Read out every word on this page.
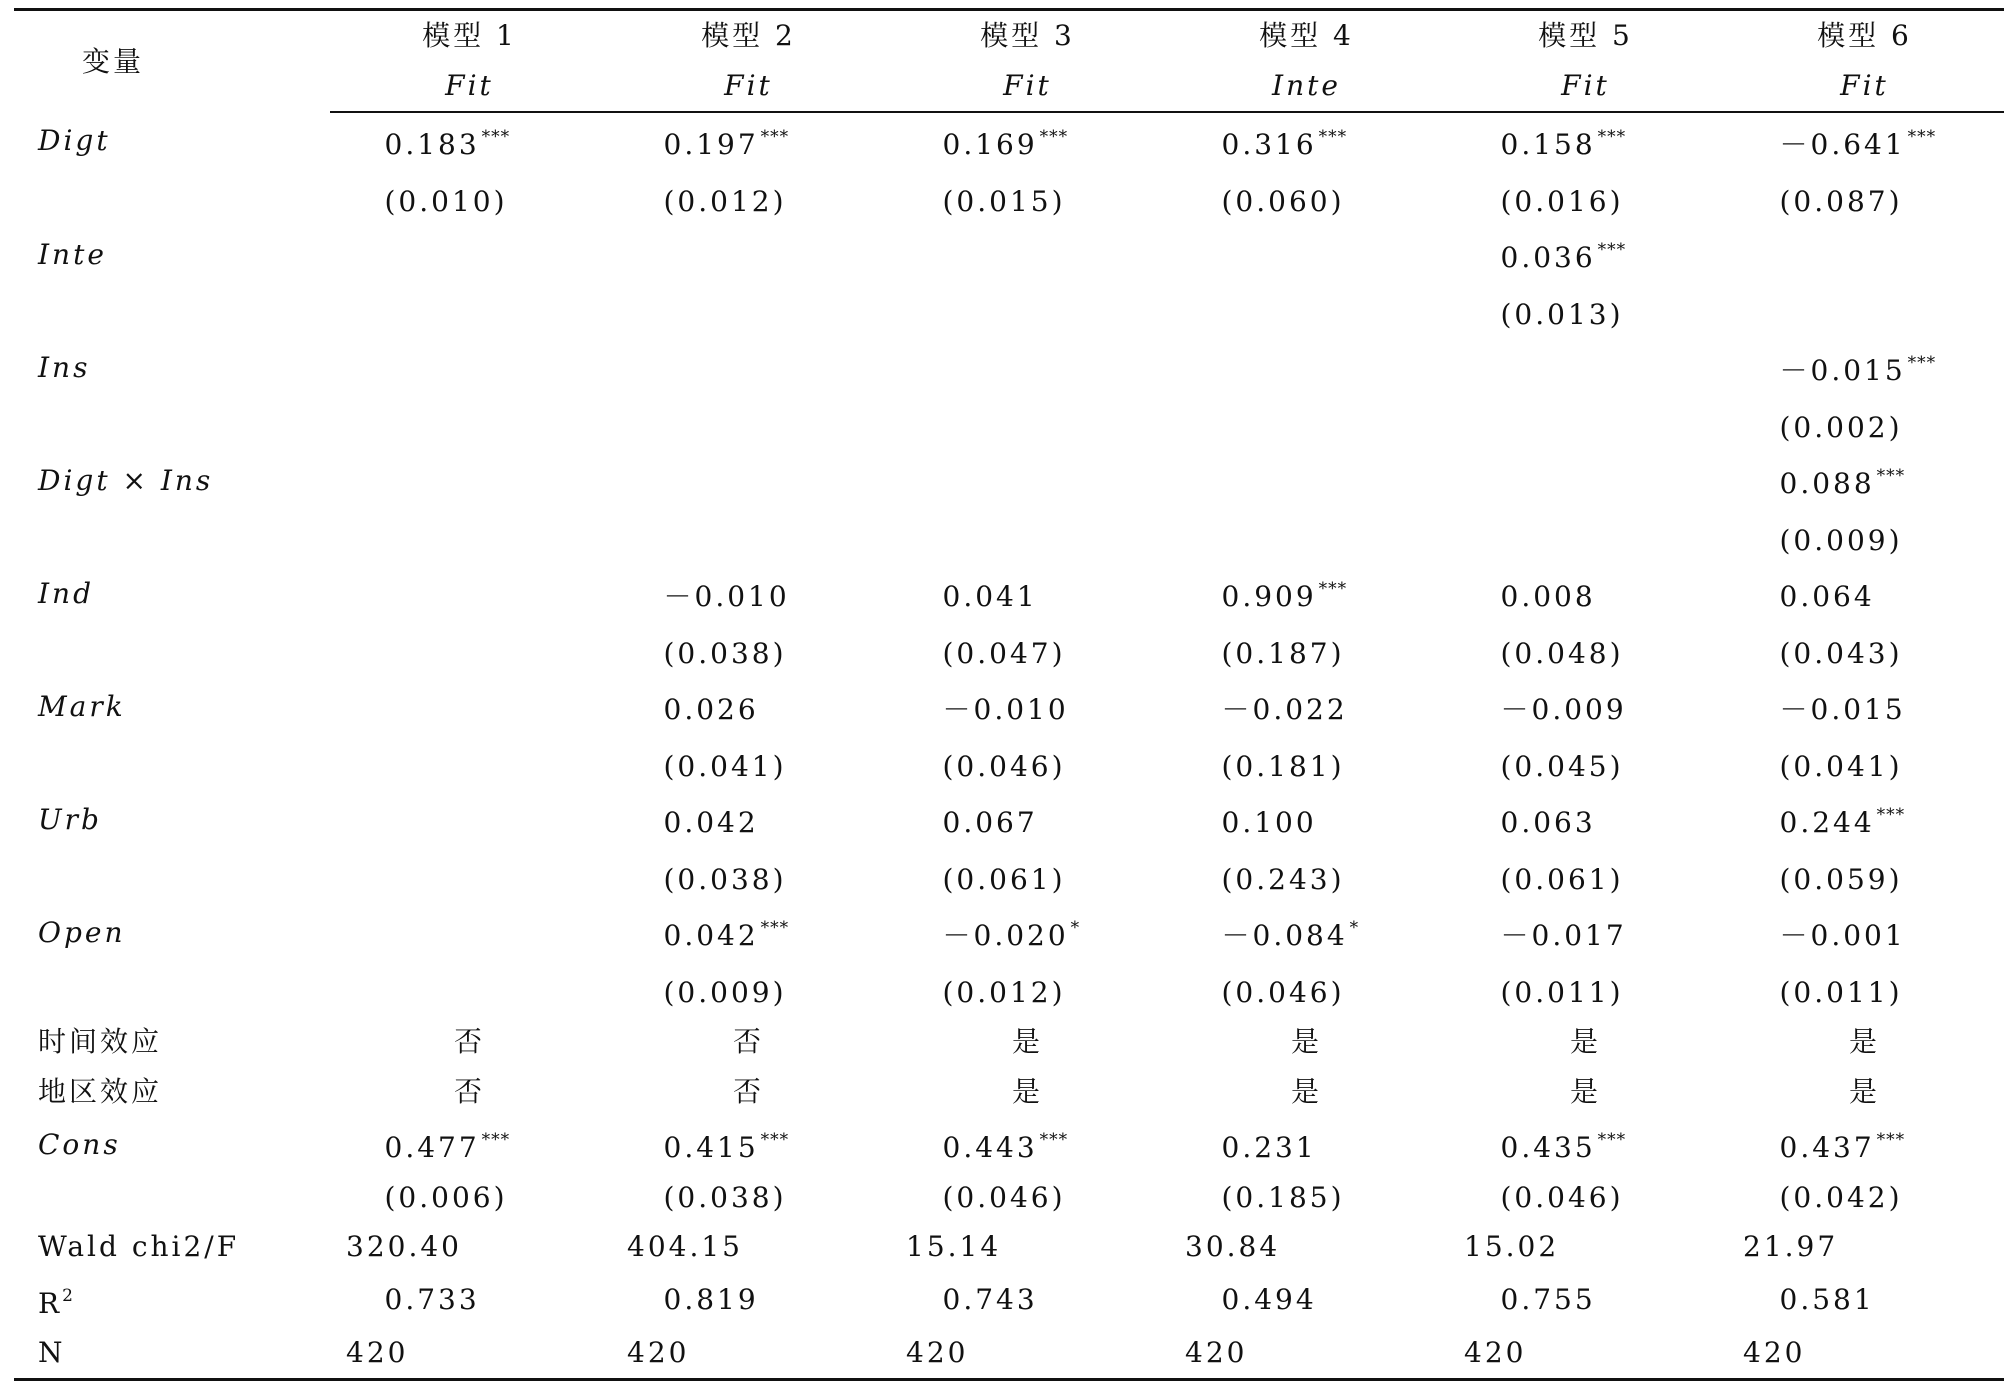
变量	模型 1	模型 2	模型 3	模型 4	模型 5	模型 6
	Fit	Fit	Fit	Inte	Fit	Fit
Digt	0.183 ***	0.197 ***	0.169 ***	0.316 ***	0.158 ***	－0.641 ***
	(0.010)	(0.012)	(0.015)	(0.060)	(0.016)	(0.087)
Inte					0.036 ***	
					(0.013)	
Ins						－0.015 ***
						(0.002)
Digt × Ins						0.088 ***
						(0.009)
Ind		－0.010	0.041	0.909 ***	0.008	0.064
		(0.038)	(0.047)	(0.187)	(0.048)	(0.043)
Mark		0.026	－0.010	－0.022	－0.009	－0.015
		(0.041)	(0.046)	(0.181)	(0.045)	(0.041)
Urb		0.042	0.067	0.100	0.063	0.244 ***
		(0.038)	(0.061)	(0.243)	(0.061)	(0.059)
Open		0.042 ***	－0.020 *	－0.084 *	－0.017	－0.001
		(0.009)	(0.012)	(0.046)	(0.011)	(0.011)
时间效应	否	否	是	是	是	是
地区效应	否	否	是	是	是	是
Cons	0.477 ***	0.415 ***	0.443 ***	0.231	0.435 ***	0.437 ***
	(0.006)	(0.038)	(0.046)	(0.185)	(0.046)	(0.042)
Wald chi2/F	320.40	404.15	15.14	30.84	15.02	21.97
$R^2$	0.733	0.819	0.743	0.494	0.755	0.581
N	420	420	420	420	420	420
